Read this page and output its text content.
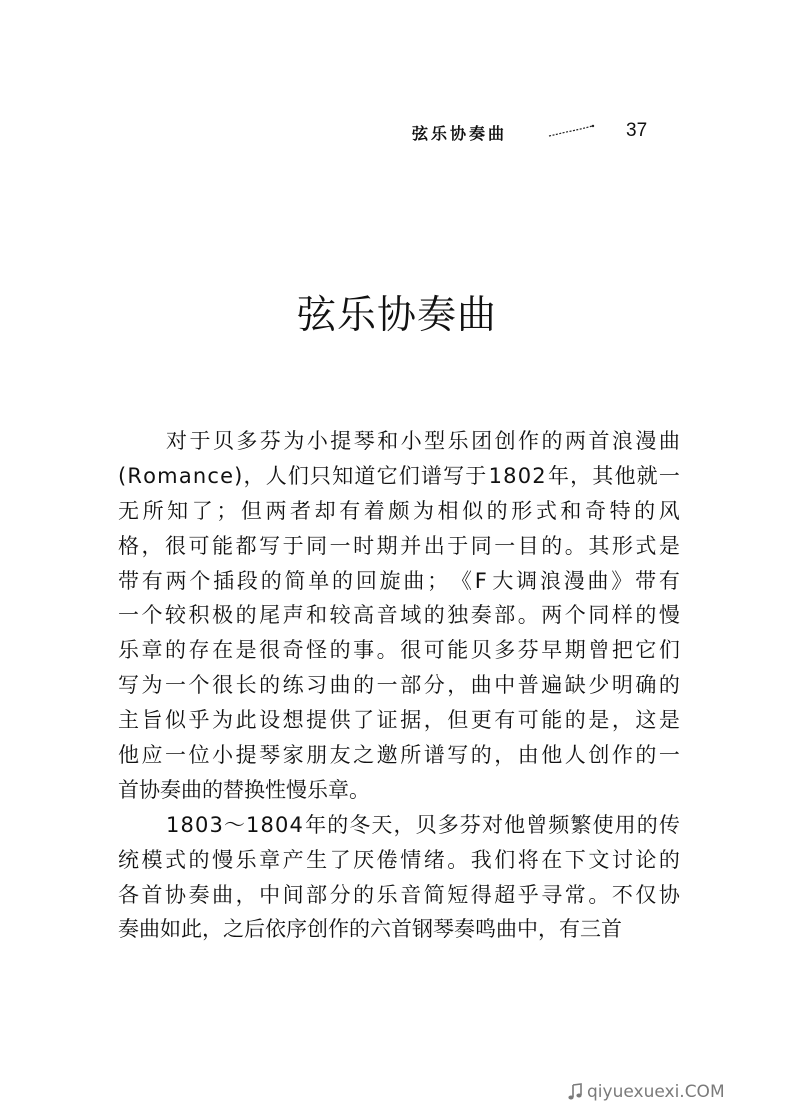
弦乐协奏曲	37
弦乐协奏曲
对 于 贝 多 芬 为 小 提 琴 和 小 型 乐 团 创 作 的 两 首 浪 漫 曲
( R o m a n c e ) ， 人 们 只 知 道 它 们 谱 写 于 1 8 0 2 年 ， 其 他 就 一
无 所 知 了 ； 但 两 者 却 有 着 颇 为 相 似 的 形 式 和 奇 特 的 风
格 ， 很 可 能 都 写 于 同 一 时 期 并 出 于 同 一 目 的 。 其 形 式 是
带 有 两 个 插 段 的 简 单 的 回 旋 曲 ； 《 F 大 调 浪 漫 曲 》 带 有
一 个 较 积 极 的 尾 声 和 较 高 音 域 的 独 奏 部 。 两 个 同 样 的 慢
乐 章 的 存 在 是 很 奇 怪 的 事 。 很 可 能 贝 多 芬 早 期 曾 把 它 们
写 为 一 个 很 长 的 练 习 曲 的 一 部 分 ， 曲 中 普 遍 缺 少 明 确 的
主 旨 似 乎 为 此 设 想 提 供 了 证 据 ， 但 更 有 可 能 的 是 ， 这 是
他 应 一 位 小 提 琴 家 朋 友 之 邀 所 谱 写 的 ， 由 他 人 创 作 的 一
首协奏曲的替换性慢乐章。
1 8 0 3 ～ 1 8 0 4 年 的 冬 天 ， 贝 多 芬 对 他 曾 频 繁 使 用 的 传
统 模 式 的 慢 乐 章 产 生 了 厌 倦 情 绪 。 我 们 将 在 下 文 讨 论 的
各 首 协 奏 曲 ， 中 间 部 分 的 乐 音 简 短 得 超 乎 寻 常 。 不 仅 协
奏曲如此，之后依序创作的六首钢琴奏鸣曲中，有三首
qiyuexuexi.COM
